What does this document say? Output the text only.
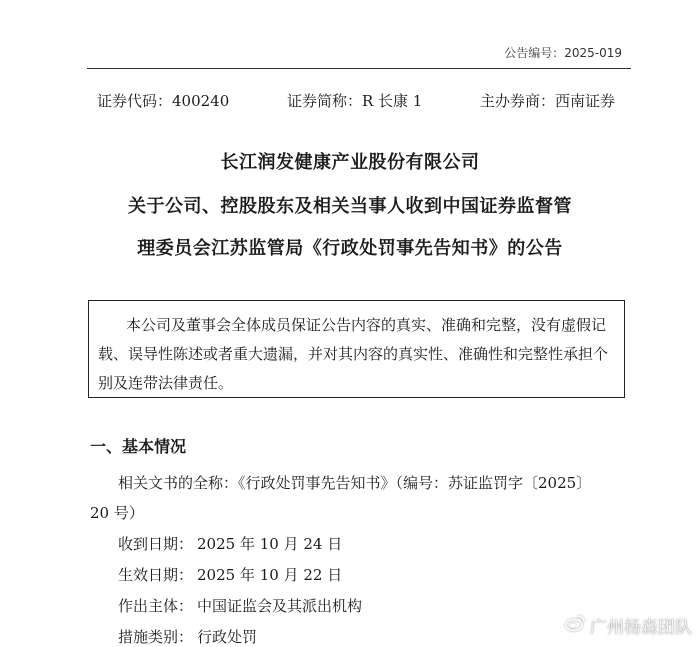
公告编号：2025-019
证券代码：400240	证券简称：R 长康 1	主办券商：西南证券
长江润发健康产业股份有限公司
关于公司、控股股东及相关当事人收到中国证券监督管
理委员会江苏监管局《行政处罚事先告知书》的公告
本公司及董事会全体成员保证公告内容的真实、准确和完整，没有虚假记
载、误导性陈述或者重大遗漏，并对其内容的真实性、准确性和完整性承担个
别及连带法律责任。
一、基本情况
相关文书的全称：《行政处罚事先告知书》（编号：苏证监罚字〔2025〕
20 号）
收到日期： 2025 年 10 月 24 日
生效日期： 2025 年 10 月 22 日
作出主体： 中国证监会及其派出机构
措施类别： 行政处罚	广州杨森团队
